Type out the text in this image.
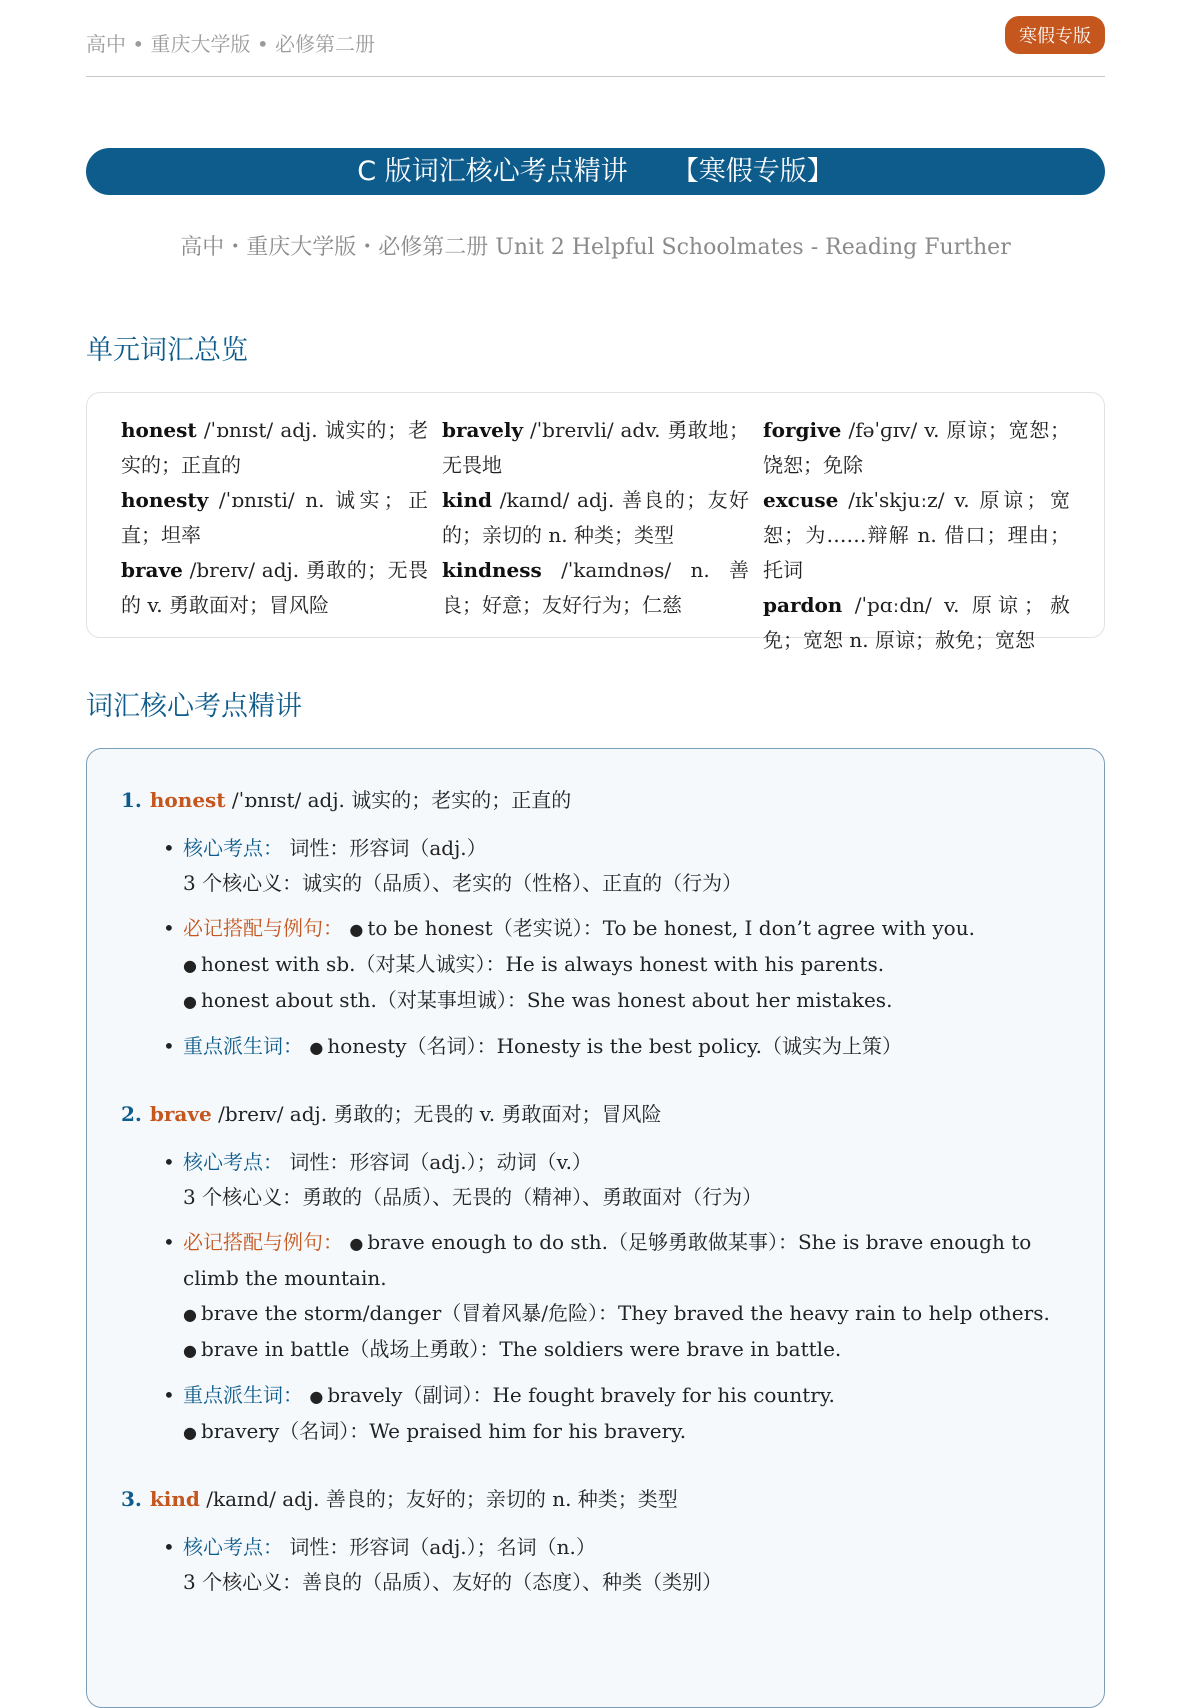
高中 • 重庆大学版 • 必修第二册	寒假专版
C 版词汇核心考点精讲 【寒假专版】
高中・重庆大学版・必修第二册 Unit 2 Helpful Schoolmates - Reading Further
单元词汇总览
honest /ˈɒnɪst/ adj. 诚实的；老实的；正直的
honesty /ˈɒnɪsti/ n. 诚实；正直；坦率
brave /breɪv/ adj. 勇敢的；无畏的 v. 勇敢面对；冒风险
bravely /ˈbreɪvli/ adv. 勇敢地；无畏地
kind /kaɪnd/ adj. 善良的；友好的；亲切的 n. 种类；类型
kindness /ˈkaɪndnəs/ n. 善良；好意；友好行为；仁慈
forgive /fəˈɡɪv/ v. 原谅；宽恕；饶恕；免除
excuse /ɪkˈskjuːz/ v. 原谅；宽恕；为……辩解 n. 借口；理由；托词
pardon /ˈpɑːdn/ v. 原谅；赦免；宽恕 n. 原谅；赦免；宽恕
词汇核心考点精讲
1. honest /ˈɒnɪst/ adj. 诚实的；老实的；正直的
• 核心考点： 词性：形容词（adj.）
3 个核心义：诚实的（品质）、老实的（性格）、正直的（行为）
• 必记搭配与例句： ● to be honest（老实说）：To be honest, I don’t agree with you.
● honest with sb.（对某人诚实）：He is always honest with his parents.
● honest about sth.（对某事坦诚）：She was honest about her mistakes.
• 重点派生词： ● honesty（名词）：Honesty is the best policy.（诚实为上策）
2. brave /breɪv/ adj. 勇敢的；无畏的 v. 勇敢面对；冒风险
• 核心考点： 词性：形容词（adj.）；动词（v.）
3 个核心义：勇敢的（品质）、无畏的（精神）、勇敢面对（行为）
• 必记搭配与例句： ● brave enough to do sth.（足够勇敢做某事）：She is brave enough to climb the mountain.
● brave the storm/danger（冒着风暴/危险）：They braved the heavy rain to help others.
● brave in battle（战场上勇敢）：The soldiers were brave in battle.
• 重点派生词： ● bravely（副词）：He fought bravely for his country.
● bravery（名词）：We praised him for his bravery.
3. kind /kaɪnd/ adj. 善良的；友好的；亲切的 n. 种类；类型
• 核心考点： 词性：形容词（adj.）；名词（n.）
3 个核心义：善良的（品质）、友好的（态度）、种类（类别）
